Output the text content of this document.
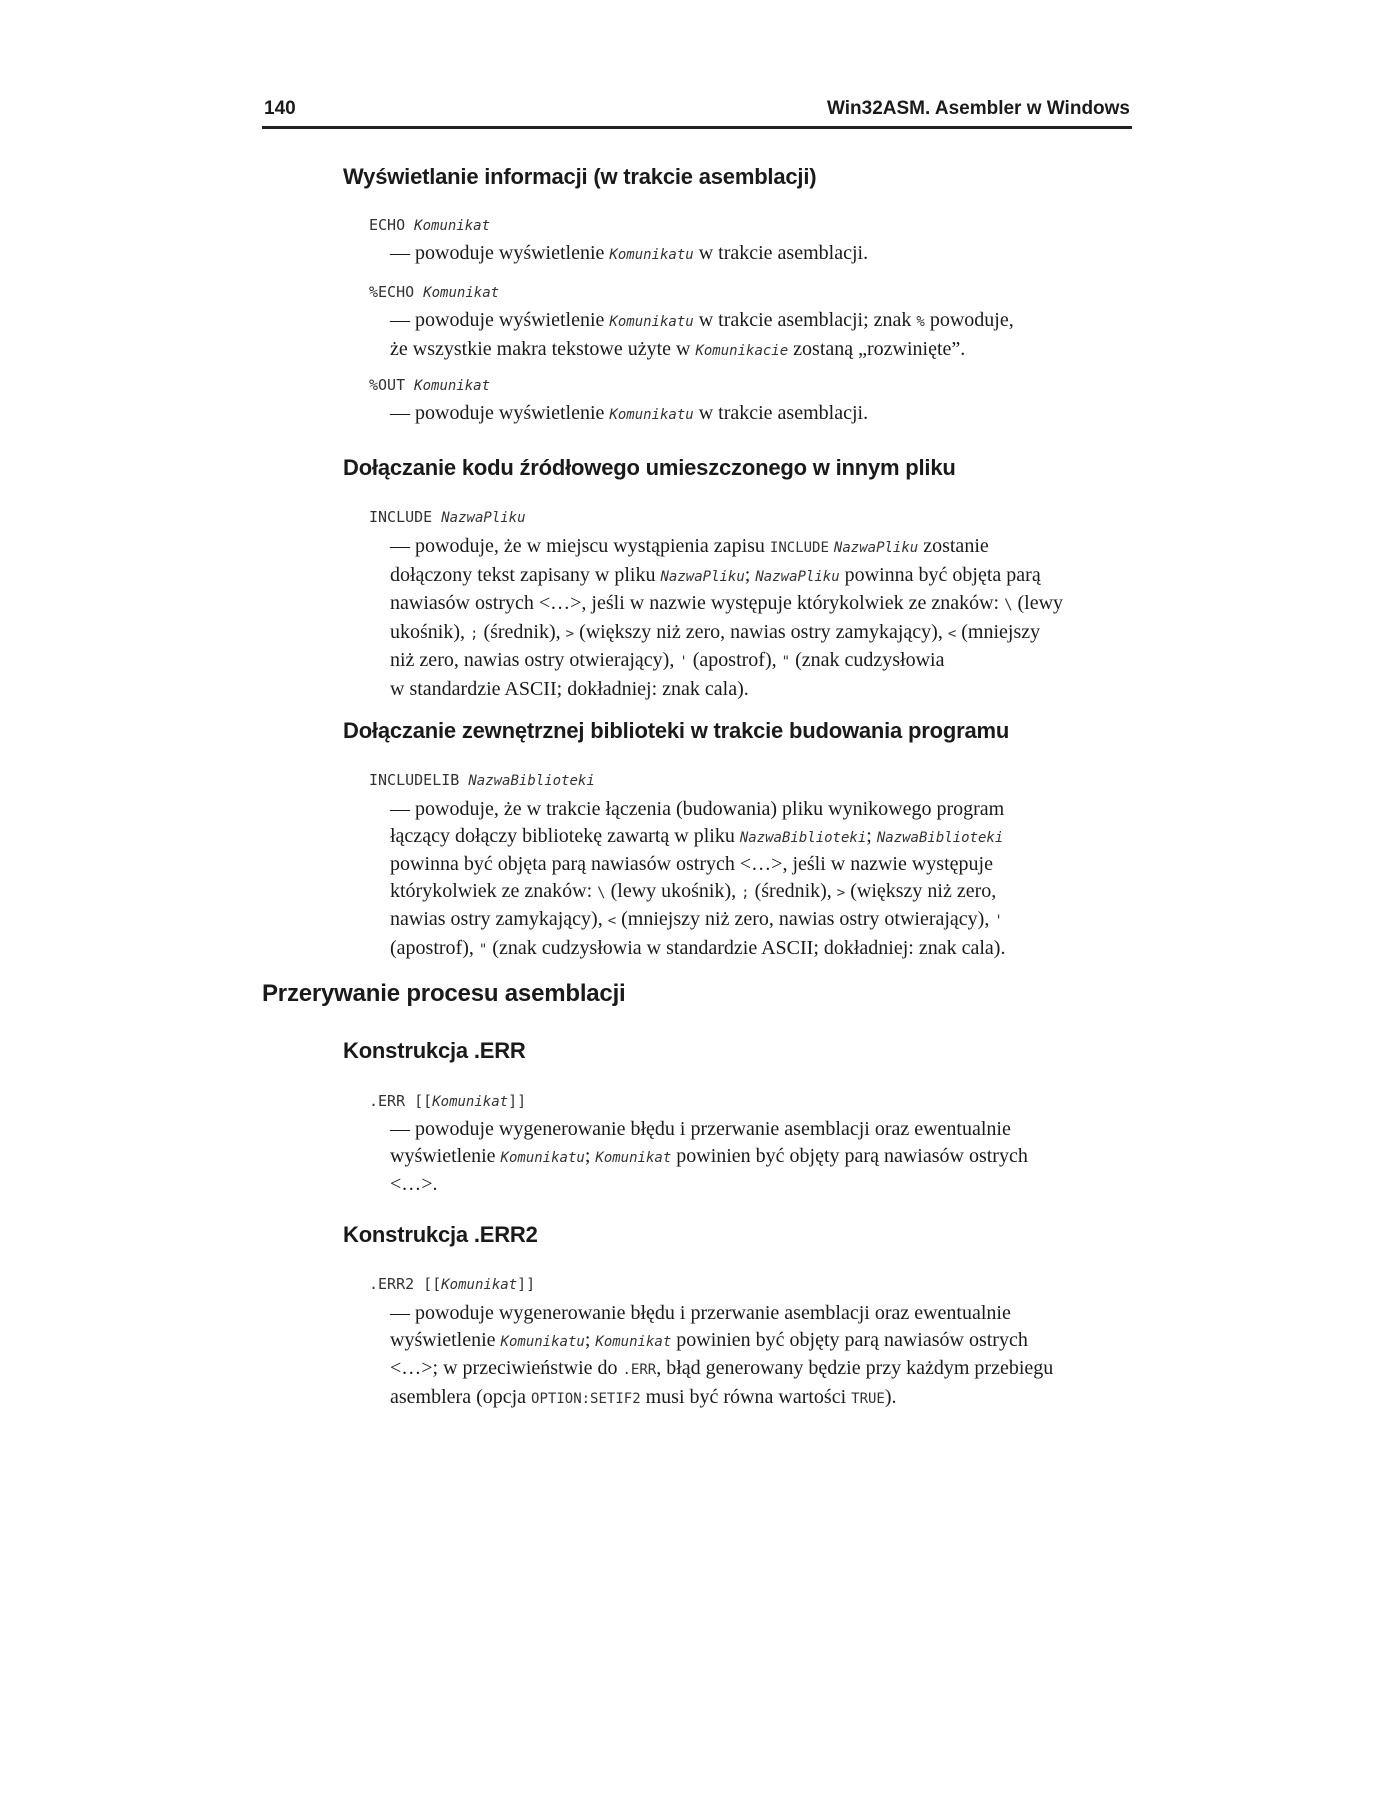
140	Win32ASM. Asembler w Windows
Wyświetlanie informacji (w trakcie asemblacji)
ECHO Komunikat
— powoduje wyświetlenie Komunikatu w trakcie asemblacji.
%ECHO Komunikat
— powoduje wyświetlenie Komunikatu w trakcie asemblacji; znak % powoduje,
że wszystkie makra tekstowe użyte w Komunikacie zostaną „rozwinięte”.
%OUT Komunikat
— powoduje wyświetlenie Komunikatu w trakcie asemblacji.
Dołączanie kodu źródłowego umieszczonego w innym pliku
INCLUDE NazwaPliku
— powoduje, że w miejscu wystąpienia zapisu INCLUDE NazwaPliku zostanie
dołączony tekst zapisany w pliku NazwaPliku; NazwaPliku powinna być objęta parą
nawiasów ostrych <…>, jeśli w nazwie występuje którykolwiek ze znaków: \ (lewy
ukośnik), ; (średnik), > (większy niż zero, nawias ostry zamykający), < (mniejszy
niż zero, nawias ostry otwierający), ' (apostrof), " (znak cudzysłowia
w standardzie ASCII; dokładniej: znak cala).
Dołączanie zewnętrznej biblioteki w trakcie budowania programu
INCLUDELIB NazwaBiblioteki
— powoduje, że w trakcie łączenia (budowania) pliku wynikowego program
łączący dołączy bibliotekę zawartą w pliku NazwaBiblioteki; NazwaBiblioteki
powinna być objęta parą nawiasów ostrych <…>, jeśli w nazwie występuje
którykolwiek ze znaków: \ (lewy ukośnik), ; (średnik), > (większy niż zero,
nawias ostry zamykający), < (mniejszy niż zero, nawias ostry otwierający), '
(apostrof), " (znak cudzysłowia w standardzie ASCII; dokładniej: znak cala).
Przerywanie procesu asemblacji
Konstrukcja .ERR
.ERR [[Komunikat]]
— powoduje wygenerowanie błędu i przerwanie asemblacji oraz ewentualnie
wyświetlenie Komunikatu; Komunikat powinien być objęty parą nawiasów ostrych
<…>.
Konstrukcja .ERR2
.ERR2 [[Komunikat]]
— powoduje wygenerowanie błędu i przerwanie asemblacji oraz ewentualnie
wyświetlenie Komunikatu; Komunikat powinien być objęty parą nawiasów ostrych
<…>; w przeciwieństwie do .ERR, błąd generowany będzie przy każdym przebiegu
asemblera (opcja OPTION:SETIF2 musi być równa wartości TRUE).
